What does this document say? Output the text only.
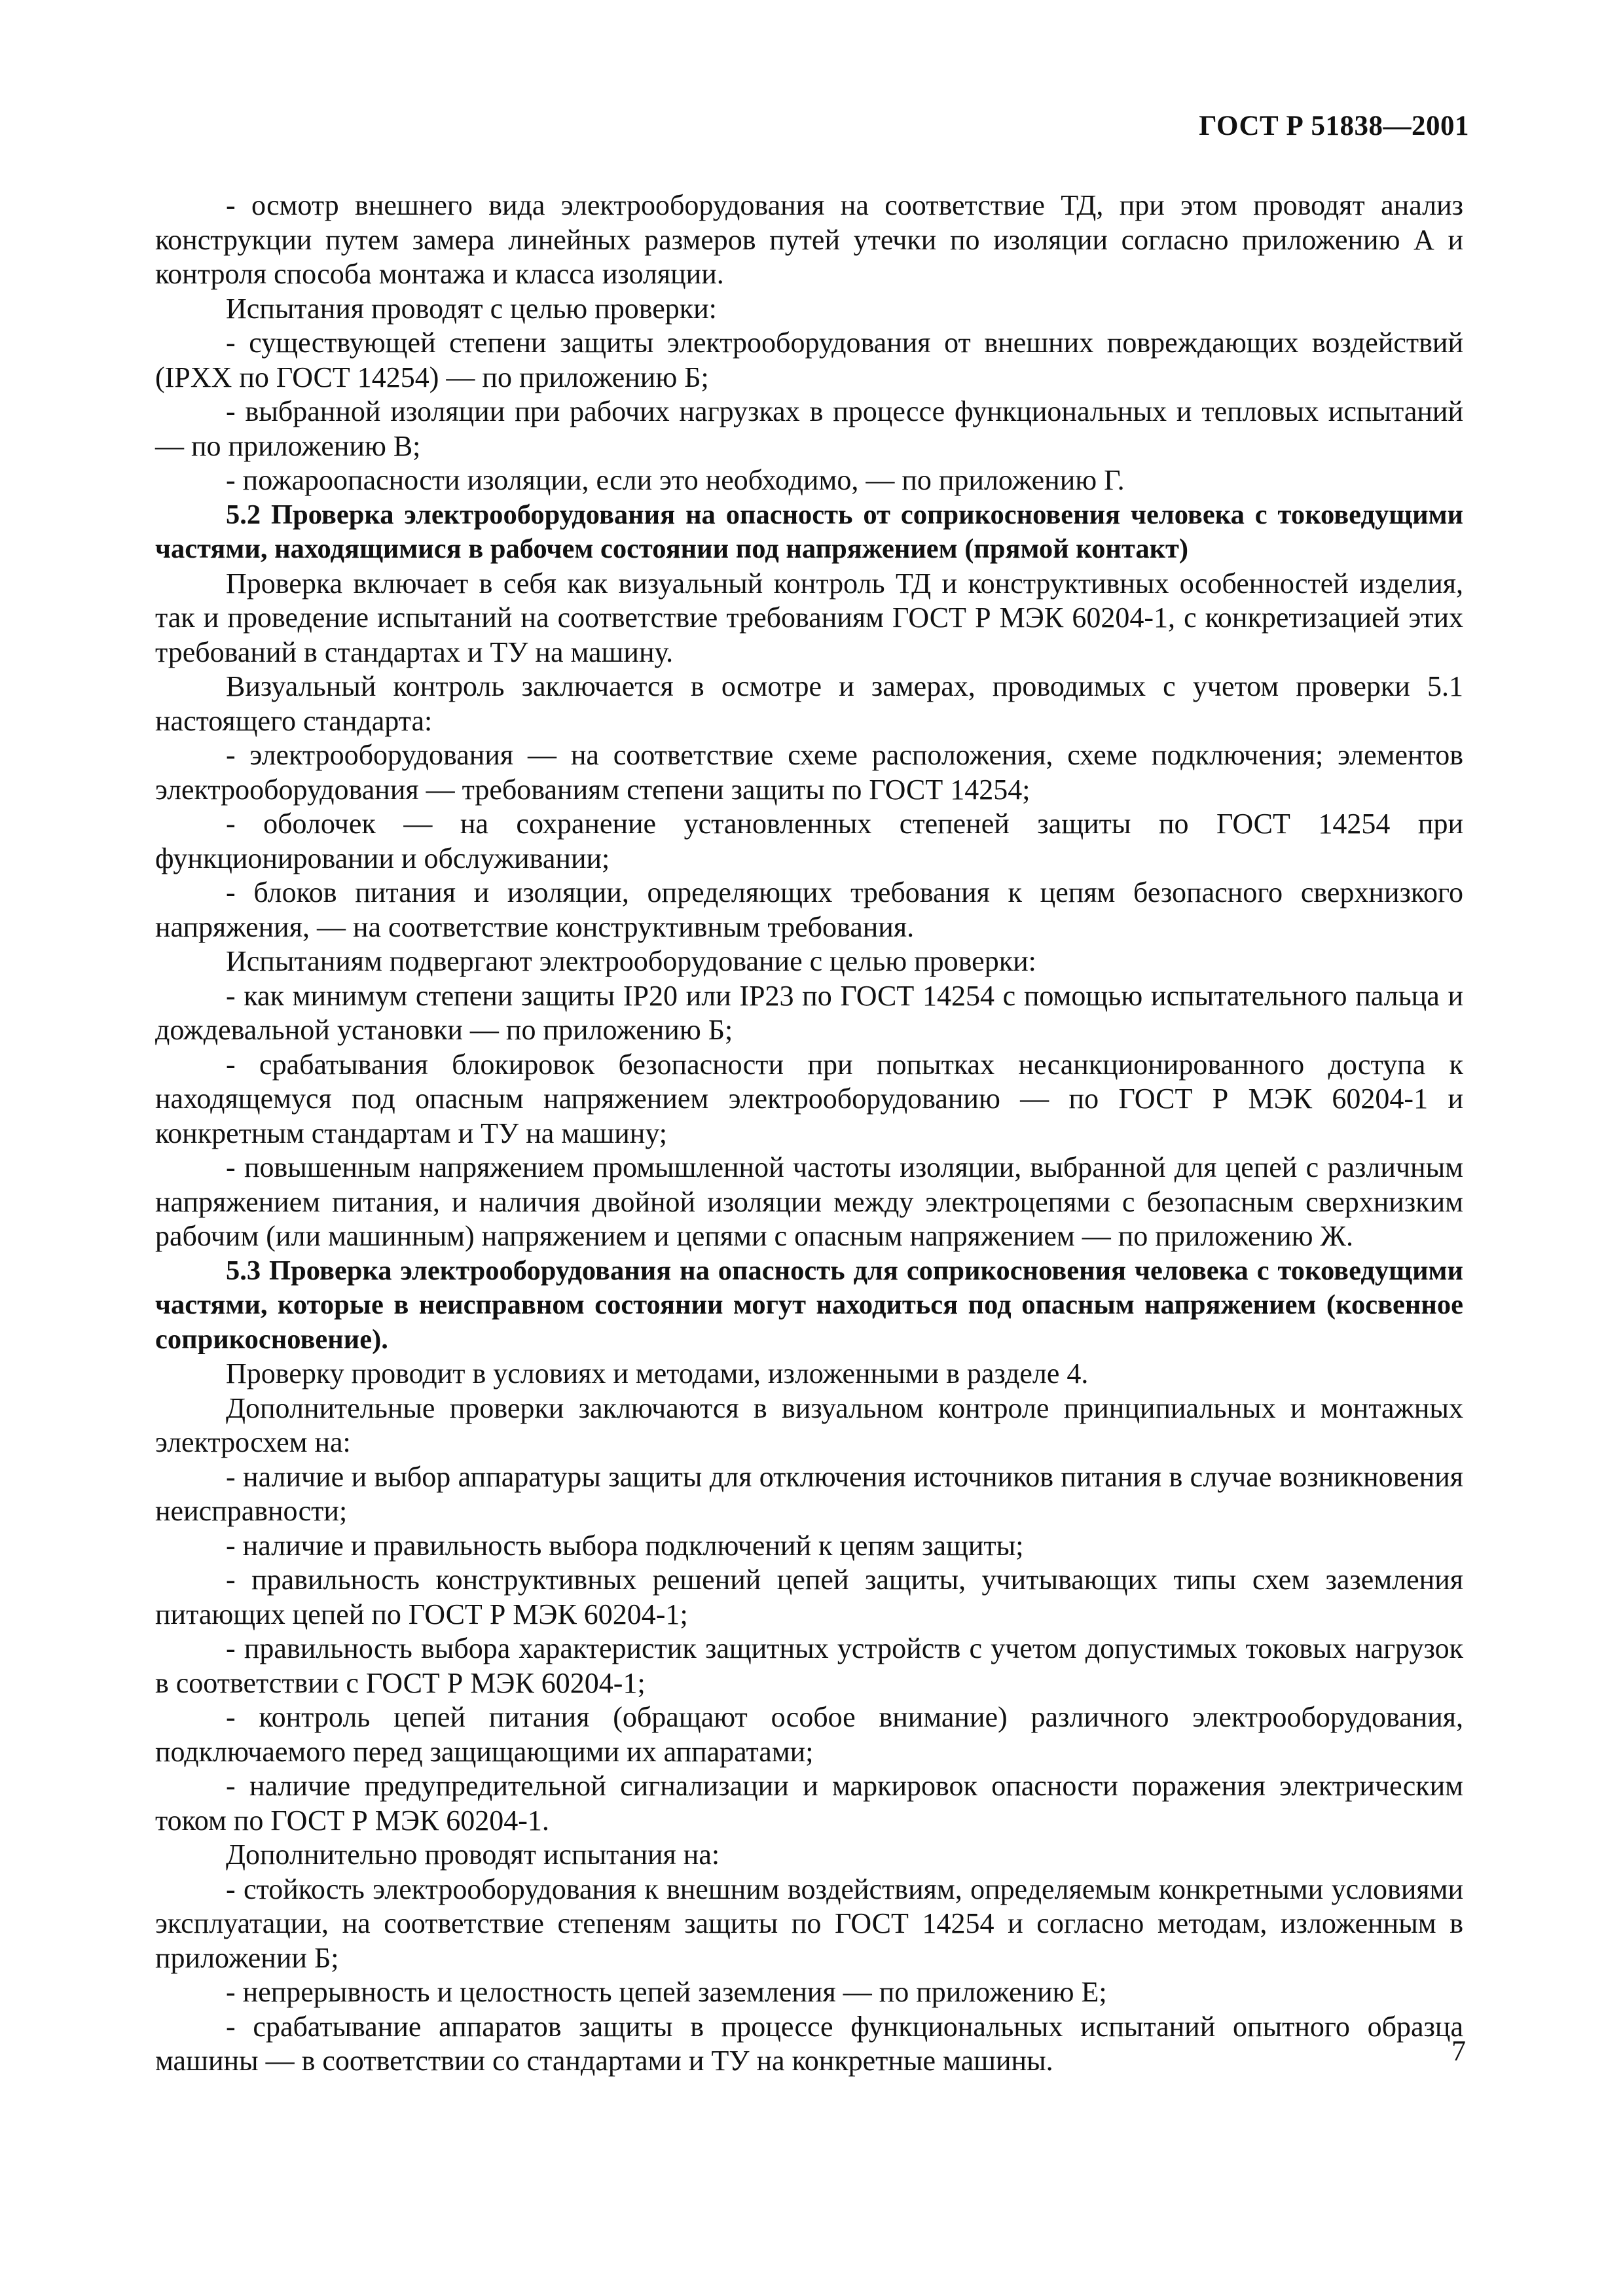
ГОСТ Р 51838—2001

- осмотр внешнего вида электрооборудования на соответствие ТД, при этом проводят анализ конструкции путем замера линейных размеров путей утечки по изоляции согласно приложению А и контроля способа монтажа и класса изоляции.

Испытания проводят с целью проверки:

- существующей степени защиты электрооборудования от внешних повреждающих воздействий (IPXX по ГОСТ 14254) — по приложению Б;

- выбранной изоляции при рабочих нагрузках в процессе функциональных и тепловых испытаний — по приложению В;

- пожароопасности изоляции, если это необходимо, — по приложению Г.

5.2 Проверка электрооборудования на опасность от соприкосновения человека с токоведущими частями, находящимися в рабочем состоянии под напряжением (прямой контакт)

Проверка включает в себя как визуальный контроль ТД и конструктивных особенностей изделия, так и проведение испытаний на соответствие требованиям ГОСТ Р МЭК 60204-1, с конкретизацией этих требований в стандартах и ТУ на машину.

Визуальный контроль заключается в осмотре и замерах, проводимых с учетом проверки 5.1 настоящего стандарта:

- электрооборудования — на соответствие схеме расположения, схеме подключения; элементов электрооборудования — требованиям степени защиты по ГОСТ 14254;

- оболочек — на сохранение установленных степеней защиты по ГОСТ 14254 при функционировании и обслуживании;

- блоков питания и изоляции, определяющих требования к цепям безопасного сверхнизкого напряжения, — на соответствие конструктивным требования.

Испытаниям подвергают электрооборудование с целью проверки:

- как минимум степени защиты IP20 или IP23 по ГОСТ 14254 с помощью испытательного пальца и дождевальной установки — по приложению Б;

- срабатывания блокировок безопасности при попытках несанкционированного доступа к находящемуся под опасным напряжением электрооборудованию — по ГОСТ Р МЭК 60204-1 и конкретным стандартам и ТУ на машину;

- повышенным напряжением промышленной частоты изоляции, выбранной для цепей с различным напряжением питания, и наличия двойной изоляции между электроцепями с безопасным сверхнизким рабочим (или машинным) напряжением и цепями с опасным напряжением — по приложению Ж.

5.3 Проверка электрооборудования на опасность для соприкосновения человека с токоведущими частями, которые в неисправном состоянии могут находиться под опасным напряжением (косвенное соприкосновение).

Проверку проводит в условиях и методами, изложенными в разделе 4.

Дополнительные проверки заключаются в визуальном контроле принципиальных и монтажных электросхем на:

- наличие и выбор аппаратуры защиты для отключения источников питания в случае возникновения неисправности;

- наличие и правильность выбора подключений к цепям защиты;

- правильность конструктивных решений цепей защиты, учитывающих типы схем заземления питающих цепей по ГОСТ Р МЭК 60204-1;

- правильность выбора характеристик защитных устройств с учетом допустимых токовых нагрузок в соответствии с ГОСТ Р МЭК 60204-1;

- контроль цепей питания (обращают особое внимание) различного электрооборудования, подключаемого перед защищающими их аппаратами;

- наличие предупредительной сигнализации и маркировок опасности поражения электрическим током по ГОСТ Р МЭК 60204-1.

Дополнительно проводят испытания на:

- стойкость электрооборудования к внешним воздействиям, определяемым конкретными условиями эксплуатации, на соответствие степеням защиты по ГОСТ 14254 и согласно методам, изложенным в приложении Б;

- непрерывность и целостность цепей заземления — по приложению Е;

- срабатывание аппаратов защиты в процессе функциональных испытаний опытного образца машины — в соответствии со стандартами и ТУ на конкретные машины.	7
